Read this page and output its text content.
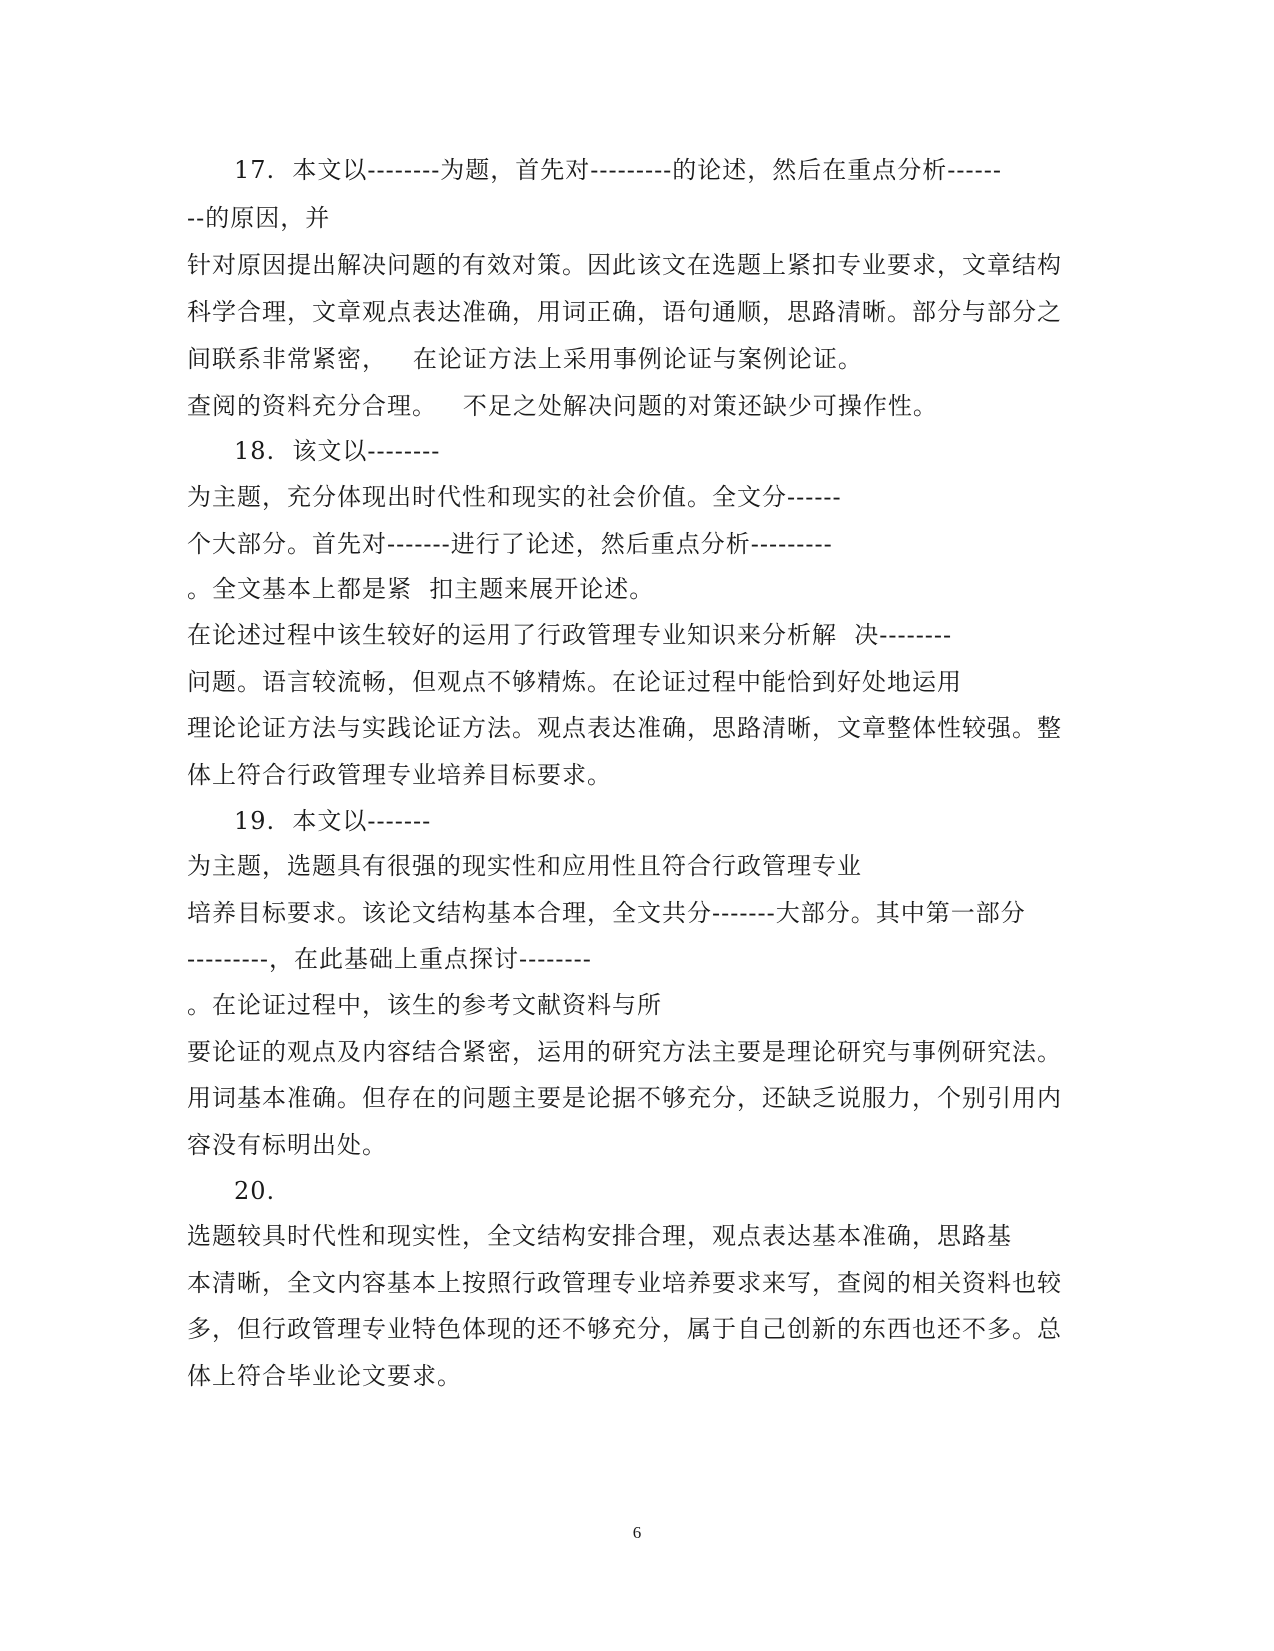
17.  本文以--------为题，首先对---------的论述，然后在重点分析------
--的原因，并
针对原因提出解决问题的有效对策。因此该文在选题上紧扣专业要求，文章结构
科学合理，文章观点表达准确，用词正确，语句通顺，思路清晰。部分与部分之
间联系非常紧密，   在论证方法上采用事例论证与案例论证。
查阅的资料充分合理。   不足之处解决问题的对策还缺少可操作性。
18.  该文以--------
为主题，充分体现出时代性和现实的社会价值。全文分------
个大部分。首先对-------进行了论述，然后重点分析---------
。全文基本上都是紧  扣主题来展开论述。
在论述过程中该生较好的运用了行政管理专业知识来分析解  决--------
问题。语言较流畅，但观点不够精炼。在论证过程中能恰到好处地运用
理论论证方法与实践论证方法。观点表达准确，思路清晰，文章整体性较强。整
体上符合行政管理专业培养目标要求。
19.  本文以-------
为主题，选题具有很强的现实性和应用性且符合行政管理专业
培养目标要求。该论文结构基本合理，全文共分-------大部分。其中第一部分
---------，在此基础上重点探讨--------
。在论证过程中，该生的参考文献资料与所
要论证的观点及内容结合紧密，运用的研究方法主要是理论研究与事例研究法。
用词基本准确。但存在的问题主要是论据不够充分，还缺乏说服力，个别引用内
容没有标明出处。
20.
选题较具时代性和现实性，全文结构安排合理，观点表达基本准确，思路基
本清晰，全文内容基本上按照行政管理专业培养要求来写，查阅的相关资料也较
多，但行政管理专业特色体现的还不够充分，属于自己创新的东西也还不多。总
体上符合毕业论文要求。
6
